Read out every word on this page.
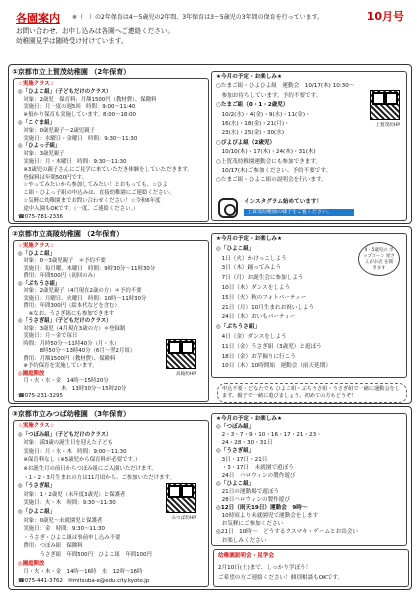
各園案内 ※（　）の2年保育は4～5歳児の2年間、3年保育は3～5歳児の3年間の保育を行っています。	10月号
お問い合わせ、お申し込みは各園へご連絡ください。
幼稚園見学は随時受け付けています。
①京都市立上賀茂幼稚園 （2年保育）
☆実施クラス☆
◎「ひよこ組」（子どもだけのクラス）
　対象：2歳児　保育料：月額1500円（教材費）、保険料
　実施日：月一度の週5回　時間：9:00～11:40
　※預かり保育も実施しています。8:00～18:00
◎「こぐま組」
　対象：0歳児親子～2歳児親子
　実施日：水曜日・金曜日　時間：9:30～11:30
◎「ひよっ子組」
　対象：3歳児親子
　実施日：月・木曜日　時間：9:30～11:30
　※3歳児の親子さんにご見学に来ていただき体験をしていただきます。
　登録料は年間500円です。
　☆やってみたいから参加してみたい！とおもっても、☆ひよ
　こ組・ひよっ子組の申込みは、直接幼稚園にご連絡ください。
　☆気軽に幼稚園までお問い合わせください！☆令和6年度
　途中入園もOKです。（一度、ご連絡ください。）
☎075-781-2336
上賀茂幼HP
インスタグラム始めています！
上賀茂幼稚園の様子をご覧ください。
★今月の予定・お楽しみ★
○たまご組・ひよひよ組　運動会　10/17(木) 10:30～
　参加お待ちしています。予約不要です。
○たまご組（0・1・2歳児）
　10/2(水)・4(金)・9(水)・11(金)・
　16(水)・18(金)・21(月)・
　23(水)・25(金)・30(水)
○ぴよぴよ組（2歳児）
　10/10(木)・17(木)・24(木)・31(木)
○上賀茂幼稚園運動会にも参加できます。
　10/17(木)ご参加ください。予約不要です。
○たまご組・ひよこ組の説明会を行います。
②京都市立高陵幼稚園 （2年保育）
高陵幼HP
☆実施クラス☆
◎「ひよこ組」
　対象：0～3歳児親子　＊予約不要
　実施日：毎月曜、木曜日　時間：9時30分～11時30分
　費用：年間500円（初回のみ）
◎「ぷちうさ組」
　対象：2歳児親子（4月現在2歳の方）＊予約不要
　実施日：月曜日、火曜日　時間：10時～11時30分
　費用：年間300円（絵本代などを含む）
　　※なお、うさぎ組にも参加できます
◎「うさぎ組」（子どもだけのクラス）
　対象：3歳児（4月現在3歳の方）＊登録制
　実施日：月～金で毎日
　時間：月時50分～11時40分（月・水）
　　　　8時50分～13時40分（6月～翌2月頃）
　費用：月額1500円（教材費）、保険料
　※予約保育を実施しています。
◎園庭開放
　月・火・水・金　14時～15時20分
　　　　　　　　木　13時30分～15時20分
☎075-231-3295
4・5歳児の ポップコーン 屋さんがお店 を開きます
★今月の予定・お楽しみ★
◎「ひよこ組」
　1日（火）かけっこしよう
　3日（木）踊ってみよう
　7日（月）お誕生会に参加しよう
　10日（木）ダンスをしよう
　15日（火）秋のフォトパーティー
　21日（月）10月生まれお祝いしよう
　24日（木）おいもパーティー
◎「ぷちうさ組」
　4日（金）ダンスをしよう
　11日（金）うさぎ組（3歳児）と遊ぼう
　18日（金）お芋掘りに行こう
　10日（木）10時開始　運動会（雨天延期）
申込不要・どなたでも ひよこ組・ぷちうさ組・うさぎ組で一緒に運動会をします。親子で一緒に遊びましょう。初めての方もどうぞ！
③京都市立みつば幼稚園 （3年保育）
みつば幼HP
☆実施クラス☆
◎「つぼみ組」（子どもだけのクラス）
　対象：満3歳の誕生日を迎えた子ども
　実施日：月・水・木　時間：9:00～11:30
　※保育料なし（※5歳児から保育料が必要です。）
　※お誕生月の前日からつぼみ組にご入園いただけます。
　・1・2・3月生まれの方は11月頃から、ご参加いただけます。
◎「うさぎ組」
　対象：1・2歳児（未年度3歳児）と保護者
　実施日：火・木　時間：9:30～11:30
◎「ひよこ組」
　対象：0歳児～未就園児と保護者
　実施日：金　時間：9:30～11:30
　・うさぎ・ひよこ組は事前申し込み不要
　費用：つぼみ組　保険料
　　　　うさぎ組　年間500円　ひよこ組　年間100円
◎園庭開放
　月・火・木・金　14時～16時　水　12時～16時
☎075-441-3762　✉mitsuba-e@edu.city.kyoto.jp
★今月の予定・お楽しみ★
◎「つぼみ組」
　2・3・7・9・10・16・17・21・23・
　24・28・30・31日
◎「うさぎ組」
　3日・17日・21日
　・3・17日　未就園で遊ぼう
　24日　ハロウィンの製作遊び
◎「ひよこ組」
　21日の運動場で遊ぼう
　28日ハロウィンの製作遊び
◎12日（雨天19日）運動会　9時～
　10時頃より未就園児で運動会をします
　お気軽にご参加ください
◎21日　10時～　どうするクスマキ・ゲームとお出会い
　お楽しみください
幼稚園説明会・見学会
2月10日(土)まで、しっかり学ぼう！
ご希望の方ご連絡ください！個別相談もOKです。
